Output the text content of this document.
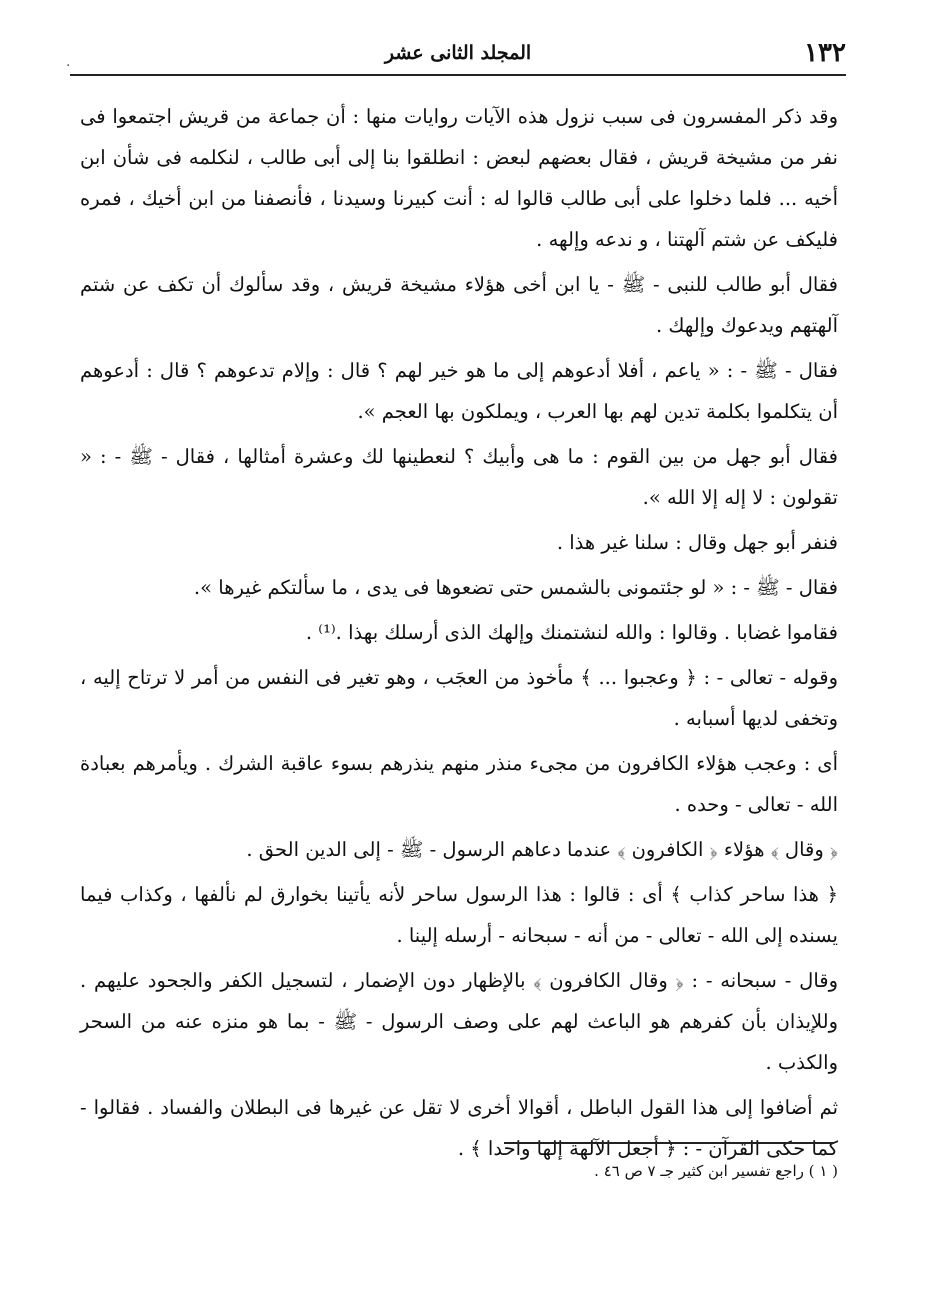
١٣٢
المجلد الثانى عشر
·

وقد ذكر المفسرون فى سبب نزول هذه الآيات روايات منها : أن جماعة من قريش اجتمعوا فى نفر من مشيخة قريش ، فقال بعضهم لبعض : انطلقوا بنا إلى أبى طالب ، لنكلمه فى شأن ابن أخيه ... فلما دخلوا على أبى طالب قالوا له : أنت كبيرنا وسيدنا ، فأنصفنا من ابن أخيك ، فمره فليكف عن شتم آلهتنا ، و ندعه وإلهه .

فقال أبو طالب للنبى - ﷺ - يا ابن أخى هؤلاء مشيخة قريش ، وقد سألوك أن تكف عن شتم آلهتهم ويدعوك وإلهك .

فقال - ﷺ - : « ياعم ، أفلا أدعوهم إلى ما هو خير لهم ؟ قال : وإلام تدعوهم ؟ قال : أدعوهم أن يتكلموا بكلمة تدين لهم بها العرب ، ويملكون بها العجم ».

فقال أبو جهل من بين القوم : ما هى وأبيك ؟ لنعطينها لك وعشرة أمثالها ، فقال - ﷺ - : « تقولون : لا إله إلا الله ».

فنفر أبو جهل وقال : سلنا غير هذا .

فقال - ﷺ - : « لو جئتمونى بالشمس حتى تضعوها فى يدى ، ما سألتكم غيرها ».

فقاموا غضابا . وقالوا : والله لنشتمنك وإلهك الذى أرسلك بهذا .⁽¹⁾ .

وقوله - تعالى - : ﴿ وعجبوا ... ﴾ مأخوذ من العجَب ، وهو تغير فى النفس من أمر لا ترتاح إليه ، وتخفى لديها أسبابه .

أى : وعجب هؤلاء الكافرون من مجىء منذر منهم ينذرهم بسوء عاقبة الشرك . ويأمرهم بعبادة الله - تعالى - وحده .

﴿ وقال ﴾ هؤلاء ﴿ الكافرون ﴾ عندما دعاهم الرسول - ﷺ - إلى الدين الحق .

﴿ هذا ساحر كذاب ﴾ أى : قالوا : هذا الرسول ساحر لأنه يأتينا بخوارق لم نألفها ، وكذاب فيما يسنده إلى الله - تعالى - من أنه - سبحانه - أرسله إلينا .

وقال - سبحانه - : ﴿ وقال الكافرون ﴾ بالإظهار دون الإضمار ، لتسجيل الكفر والجحود عليهم . وللإيذان بأن كفرهم هو الباعث لهم على وصف الرسول - ﷺ - بما هو منزه عنه من السحر والكذب .

ثم أضافوا إلى هذا القول الباطل ، أقوالا أخرى لا تقل عن غيرها فى البطلان والفساد . فقالوا - كما حكى القرآن - : ﴿ أجعل الآلهة إلها واحدا ﴾ .

( ١ ) راجع تفسير ابن كثير جـ ٧ ص ٤٦ .
